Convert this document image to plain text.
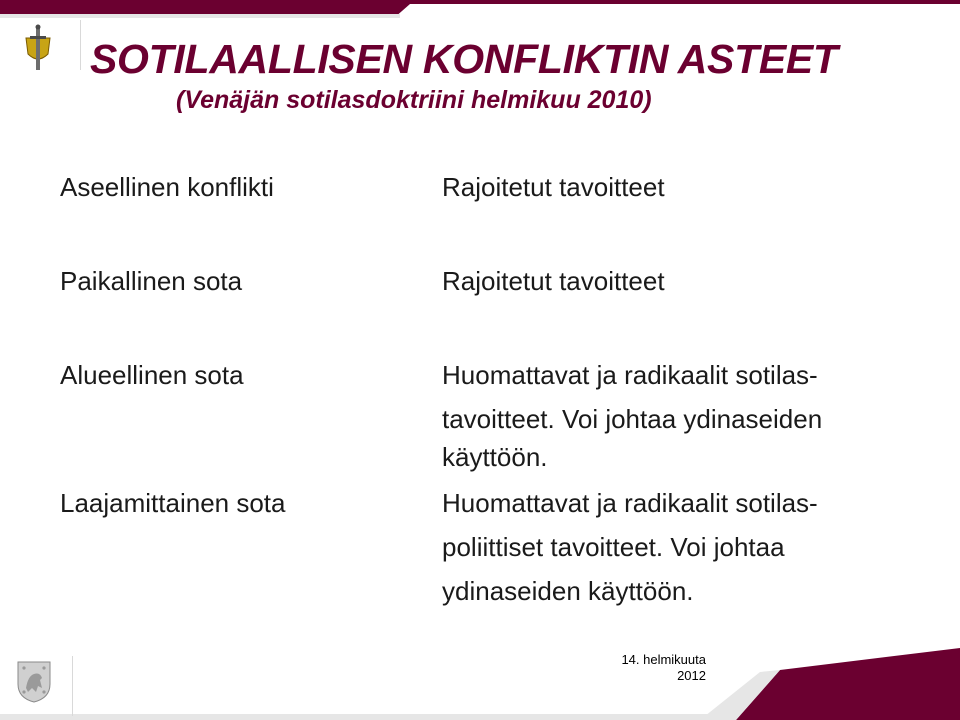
SOTILAALLISEN KONFLIKTIN ASTEET
(Venäjän sotilasdoktriini helmikuu 2010)

Aseellinen konflikti	Rajoitetut tavoitteet

Paikallinen sota	Rajoitetut tavoitteet

Alueellinen sota	Huomattavat ja radikaalit sotilas-
tavoitteet. Voi johtaa ydinaseiden
käyttöön.

Laajamittainen sota	Huomattavat ja radikaalit sotilas-
poliittiset tavoitteet. Voi johtaa
ydinaseiden käyttöön.
14. helmikuuta
2012
